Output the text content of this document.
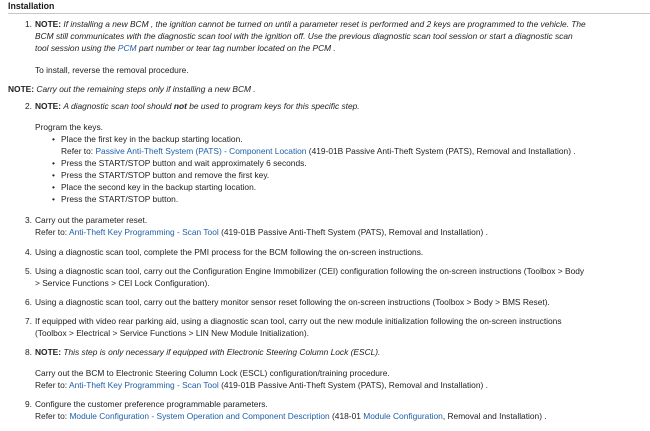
Installation
1. NOTE: If installing a new BCM , the ignition cannot be turned on until a parameter reset is performed and 2 keys are programmed to the vehicle. The
BCM still communicates with the diagnostic scan tool with the ignition off. Use the previous diagnostic scan tool session or start a diagnostic scan
tool session using the PCM part number or tear tag number located on the PCM .
To install, reverse the removal procedure.
NOTE: Carry out the remaining steps only if installing a new BCM .
2. NOTE: A diagnostic scan tool should not be used to program keys for this specific step.
Program the keys.
• Place the first key in the backup starting location.
Refer to: Passive Anti-Theft System (PATS) - Component Location (419-01B Passive Anti-Theft System (PATS), Removal and Installation) .
• Press the START/STOP button and wait approximately 6 seconds.
• Press the START/STOP button and remove the first key.
• Place the second key in the backup starting location.
• Press the START/STOP button.
3. Carry out the parameter reset.
Refer to: Anti-Theft Key Programming - Scan Tool (419-01B Passive Anti-Theft System (PATS), Removal and Installation) .
4. Using a diagnostic scan tool, complete the PMI process for the BCM following the on-screen instructions.
5. Using a diagnostic scan tool, carry out the Configuration Engine Immobilizer (CEI) configuration following the on-screen instructions (Toolbox > Body
> Service Functions > CEI Lock Configuration).
6. Using a diagnostic scan tool, carry out the battery monitor sensor reset following the on-screen instructions (Toolbox > Body > BMS Reset).
7. If equipped with video rear parking aid, using a diagnostic scan tool, carry out the new module initialization following the on-screen instructions
(Toolbox > Electrical > Service Functions > LIN New Module Initialization).
8. NOTE: This step is only necessary if equipped with Electronic Steering Column Lock (ESCL).
Carry out the BCM to Electronic Steering Column Lock (ESCL) configuration/training procedure.
Refer to: Anti-Theft Key Programming - Scan Tool (419-01B Passive Anti-Theft System (PATS), Removal and Installation) .
9. Configure the customer preference programmable parameters.
Refer to: Module Configuration - System Operation and Component Description (418-01 Module Configuration, Removal and Installation) .
